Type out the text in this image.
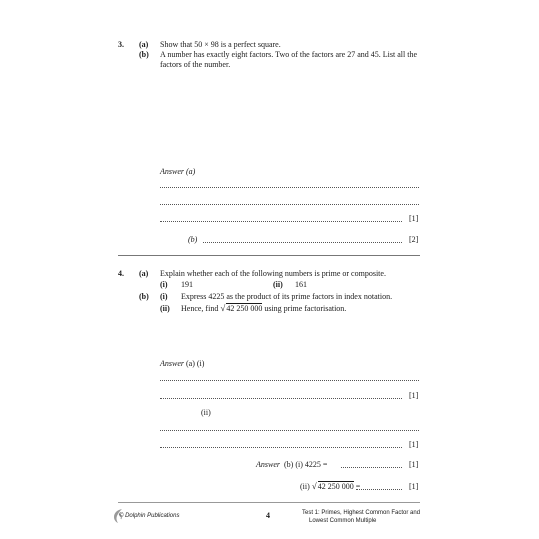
3. (a) Show that 50 × 98 is a perfect square.
(b) A number has exactly eight factors. Two of the factors are 27 and 45. List all the
factors of the number.
Answer (a)
[1]
(b)	[2]
4. (a) Explain whether each of the following numbers is prime or composite.
(i) 191	(ii) 161
(b) (i) Express 4225 as the product of its prime factors in index notation.
(ii) Hence, find √ 42 250 000 using prime factorisation.
Answer (a) (i)
[1]
(ii)
[1]
Answer (b) (i) 4225 =	[1]
(ii) √ 42 250 000 =	[1]
© Dolphin Publications	4	Test 1: Primes, Highest Common Factor and
Lowest Common Multiple
